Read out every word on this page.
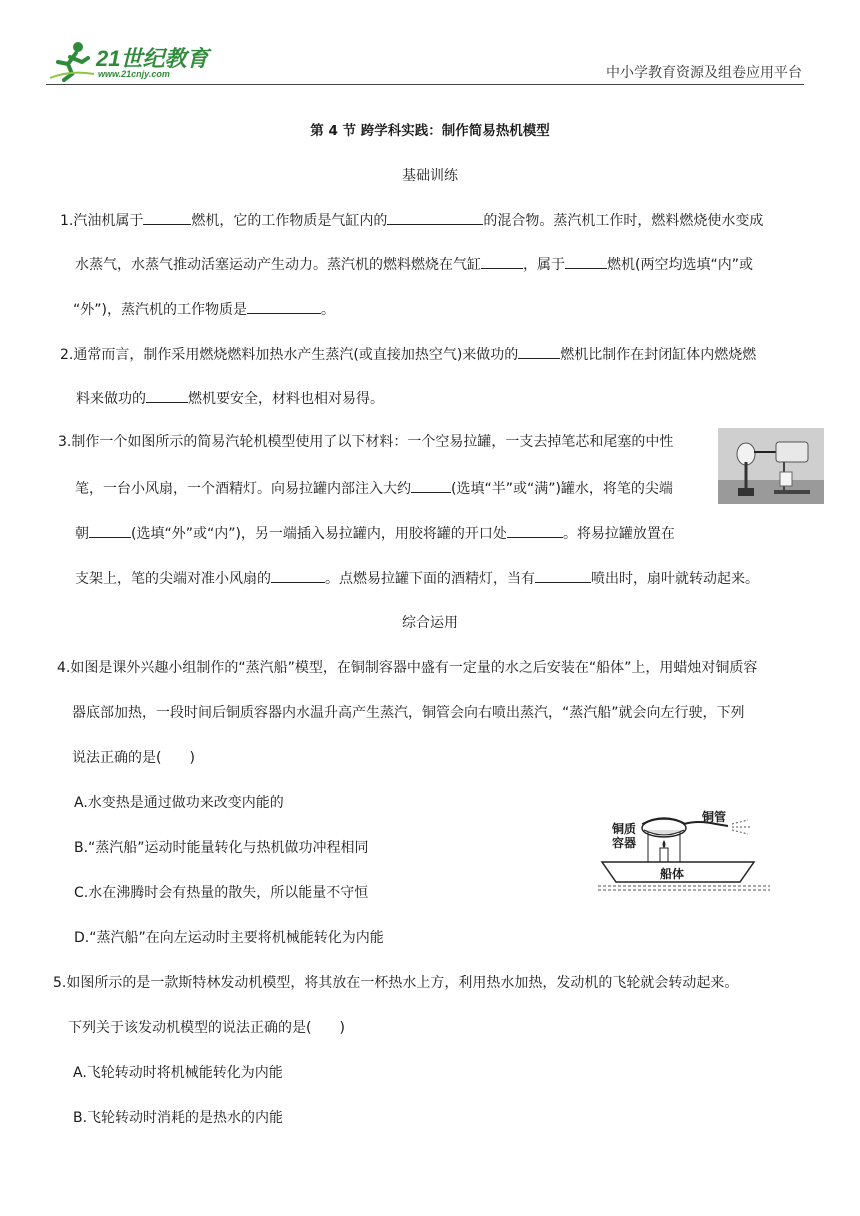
21世纪教育
www.21cnjy.com	中小学教育资源及组卷应用平台
第 4 节 跨学科实践：制作简易热机模型
基础训练
1.汽油机属于	燃机，它的工作物质是气缸内的	的混合物。蒸汽机工作时，燃料燃烧使水变成
水蒸气，水蒸气推动活塞运动产生动力。蒸汽机的燃料燃烧在气缸	，属于	燃机(两空均选填“内”或
“外”)，蒸汽机的工作物质是	。
2.通常而言，制作采用燃烧燃料加热水产生蒸汽(或直接加热空气)来做功的	燃机比制作在封闭缸体内燃烧燃
料来做功的	燃机要安全，材料也相对易得。
3.制作一个如图所示的简易汽轮机模型使用了以下材料：一个空易拉罐，一支去掉笔芯和尾塞的中性
笔，一台小风扇，一个酒精灯。向易拉罐内部注入大约	(选填“半”或“满”)罐水，将笔的尖端
朝	(选填“外”或“内”)，另一端插入易拉罐内，用胶将罐的开口处	。将易拉罐放置在
支架上，笔的尖端对准小风扇的	。点燃易拉罐下面的酒精灯，当有	喷出时，扇叶就转动起来。
综合运用
4.如图是课外兴趣小组制作的“蒸汽船”模型，在铜制容器中盛有一定量的水之后安装在“船体”上，用蜡烛对铜质容
器底部加热，一段时间后铜质容器内水温升高产生蒸汽，铜管会向右喷出蒸汽，“蒸汽船”就会向左行驶，下列
说法正确的是(　　)
A.水变热是通过做功来改变内能的
B.“蒸汽船”运动时能量转化与热机做功冲程相同
C.水在沸腾时会有热量的散失，所以能量不守恒
D.“蒸汽船”在向左运动时主要将机械能转化为内能
铜管
铜质
容器
船体
5.如图所示的是一款斯特林发动机模型，将其放在一杯热水上方，利用热水加热，发动机的飞轮就会转动起来。
下列关于该发动机模型的说法正确的是(　　)
A.飞轮转动时将机械能转化为内能
B.飞轮转动时消耗的是热水的内能
